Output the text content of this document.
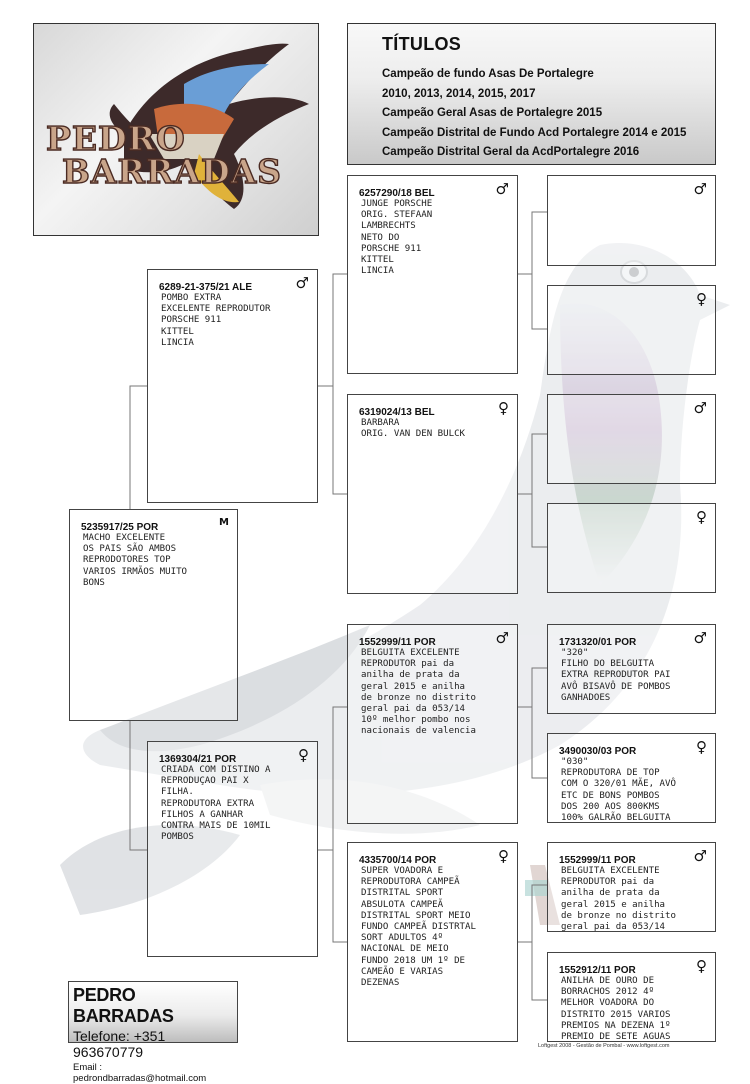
PEDRO
BARRADAS
TÍTULOS
Campeão de fundo Asas De Portalegre
2010, 2013, 2014, 2015, 2017
Campeão Geral Asas de Portalegre 2015
Campeão Distrital de Fundo Acd Portalegre 2014 e 2015
Campeão Distrital Geral da AcdPortalegre 2016
5235917/25 POR	M
MACHO EXCELENTE
OS PAIS SÃO AMBOS
REPRODOTORES TOP
VARIOS IRMÃOS MUITO
BONS
6289-21-375/21 ALE	♂
POMBO EXTRA
EXCELENTE REPRODUTOR
PORSCHE 911
KITTEL
LINCIA
1369304/21 POR	♀
CRIADA COM DISTINO A
REPRODUÇAO PAI X
FILHA.
REPRODUTORA EXTRA
FILHOS A GANHAR
CONTRA MAIS DE 10MIL
POMBOS
6257290/18 BEL	♂
JUNGE PORSCHE
ORIG. STEFAAN
LAMBRECHTS
NETO DO
PORSCHE 911
KITTEL
LINCIA
6319024/13 BEL	♀
BARBARA
ORIG. VAN DEN BULCK
1552999/11 POR	♂
BELGUITA EXCELENTE
REPRODUTOR pai da
anilha de prata da
geral 2015 e anilha
de bronze no distrito
geral pai da 053/14
10º melhor pombo nos
nacionais de valencia
4335700/14 POR	♀
SUPER VOADORA E
REPRODUTORA CAMPEÃ
DISTRITAL SPORT
ABSULOTA CAMPEÃ
DISTRITAL SPORT MEIO
FUNDO CAMPEÃ DISTRTAL
SORT ADULTOS 4º
NACIONAL DE MEIO
FUNDO 2018 UM 1º DE
CAMEÃO E VARIAS
DEZENAS
♂
♀
♂
♀
1731320/01 POR	♂
"320"
FILHO DO BELGUITA
EXTRA REPRODUTOR PAI
AVÔ BISAVÔ DE POMBOS
GANHADOES
3490030/03 POR	♀
"030"
REPRODUTORA DE TOP
COM O 320/01 MÃE, AVÔ
ETC DE BONS POMBOS
DOS 200 AOS 800KMS
100% GALRÃO BELGUITA
1552999/11 POR	♂
BELGUITA EXCELENTE
REPRODUTOR pai da
anilha de prata da
geral 2015 e anilha
de bronze no distrito
geral pai da 053/14
1552912/11 POR	♀
ANILHA DE OURO DE
BORRACHOS 2012 4º
MELHOR VOADORA DO
DISTRITO 2015 VARIOS
PREMIOS NA DEZENA 1º
PREMIO DE SETE AGUAS
PEDRO BARRADAS
Telefone: +351 963670779
Email : pedrondbarradas@hotmail.com
Loftgest 2008 - Gestão de Pombal - www.loftgest.com
